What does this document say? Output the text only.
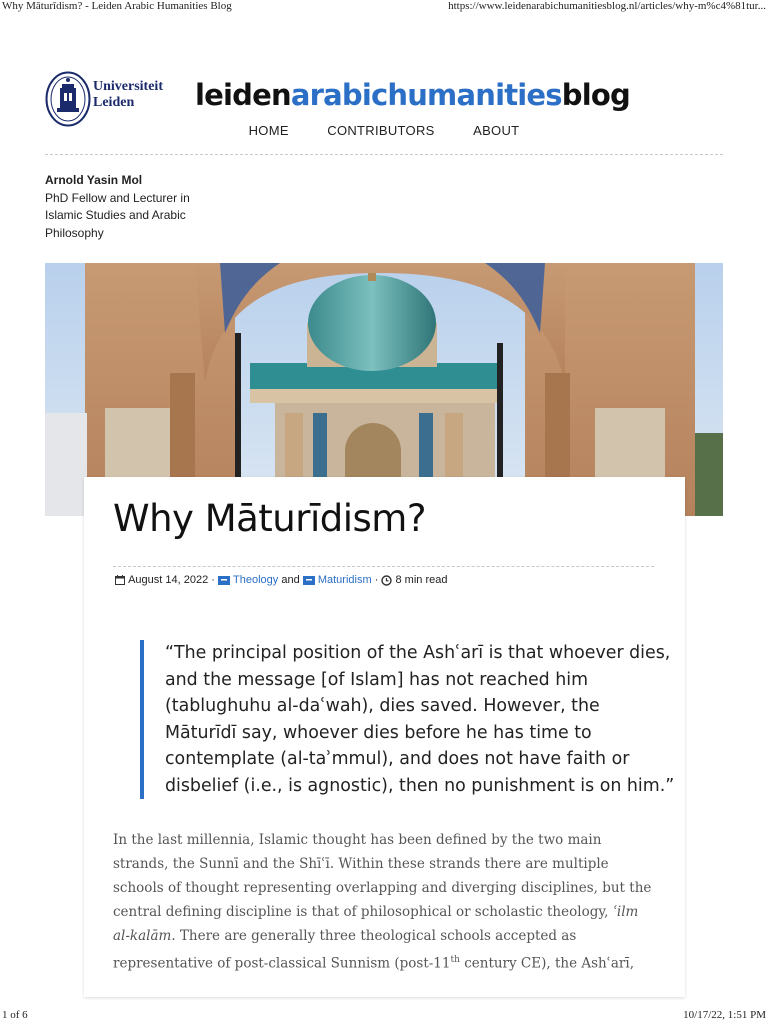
Why Māturīdism? - Leiden Arabic Humanities Blog	https://www.leidenarabichumanitiesblog.nl/articles/why-m%c4%81tur...
Universiteit
Leiden	leidenarabichumanitiesblog
HOME	CONTRIBUTORS	ABOUT
Arnold Yasin Mol
PhD Fellow and Lecturer in
Islamic Studies and Arabic
Philosophy
Why Māturīdism?
August 14, 2022 ·  Theology and Maturidism ·  8 min read
“The principal position of the Ashʿarī is that whoever dies, and the message [of Islam] has not reached him (tablughuhu al-daʿwah), dies saved. However, the Māturīdī say, whoever dies before he has time to contemplate (al-taʾmmul), and does not have faith or disbelief (i.e., is agnostic), then no punishment is on him.”

In the last millennia, Islamic thought has been defined by the two main strands, the Sunnī and the Shīʿī. Within these strands there are multiple schools of thought representing overlapping and diverging disciplines, but the central defining discipline is that of philosophical or scholastic theology, ʿilm al-kalām. There are generally three theological schools accepted as representative of post-classical Sunnism (post-11th century CE), the Ashʿarī,

1 of 6	10/17/22, 1:51 PM
